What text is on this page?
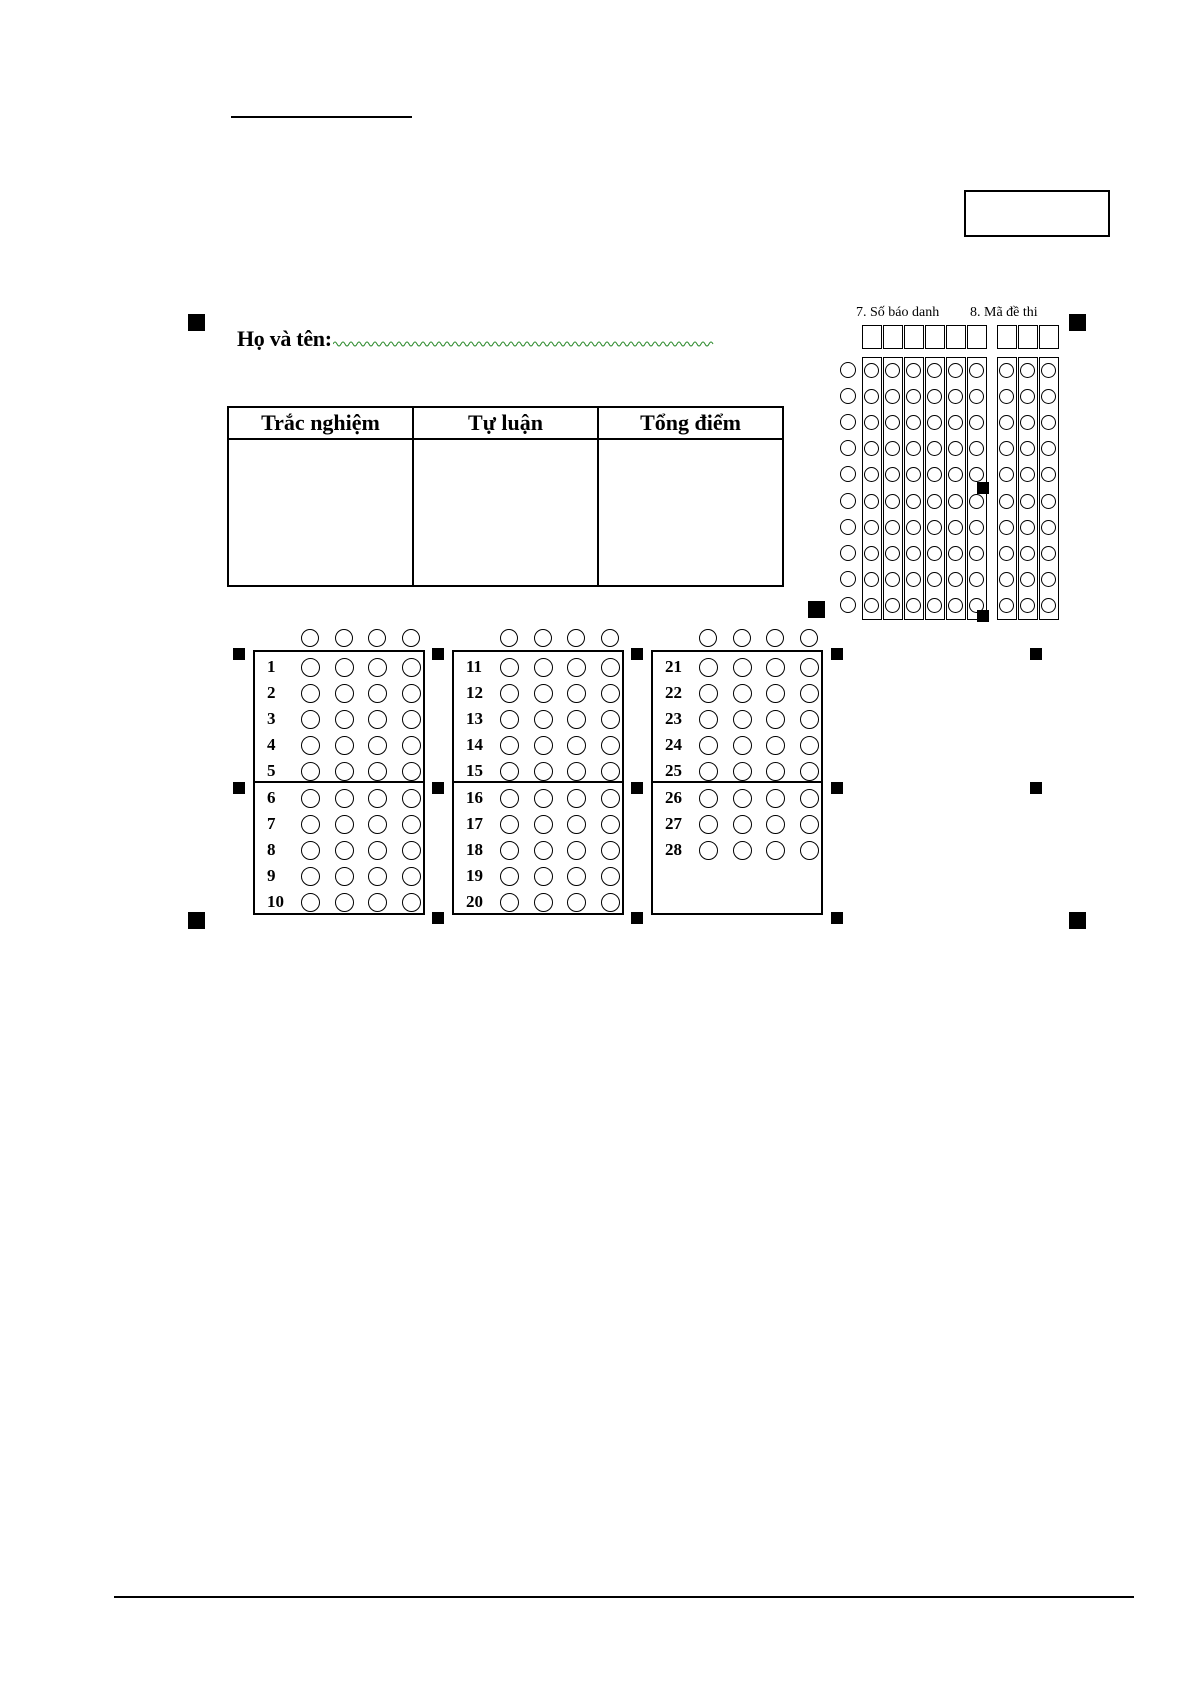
Họ và tên:
Trắc nghiệm	Tự luận	Tổng điểm
7. Số báo danh 8. Mã đề thi
1
2
3
4
5
6
7
8
9
10
11
12
13
14
15
16
17
18
19
20
21
22
23
24
25
26
27
28
